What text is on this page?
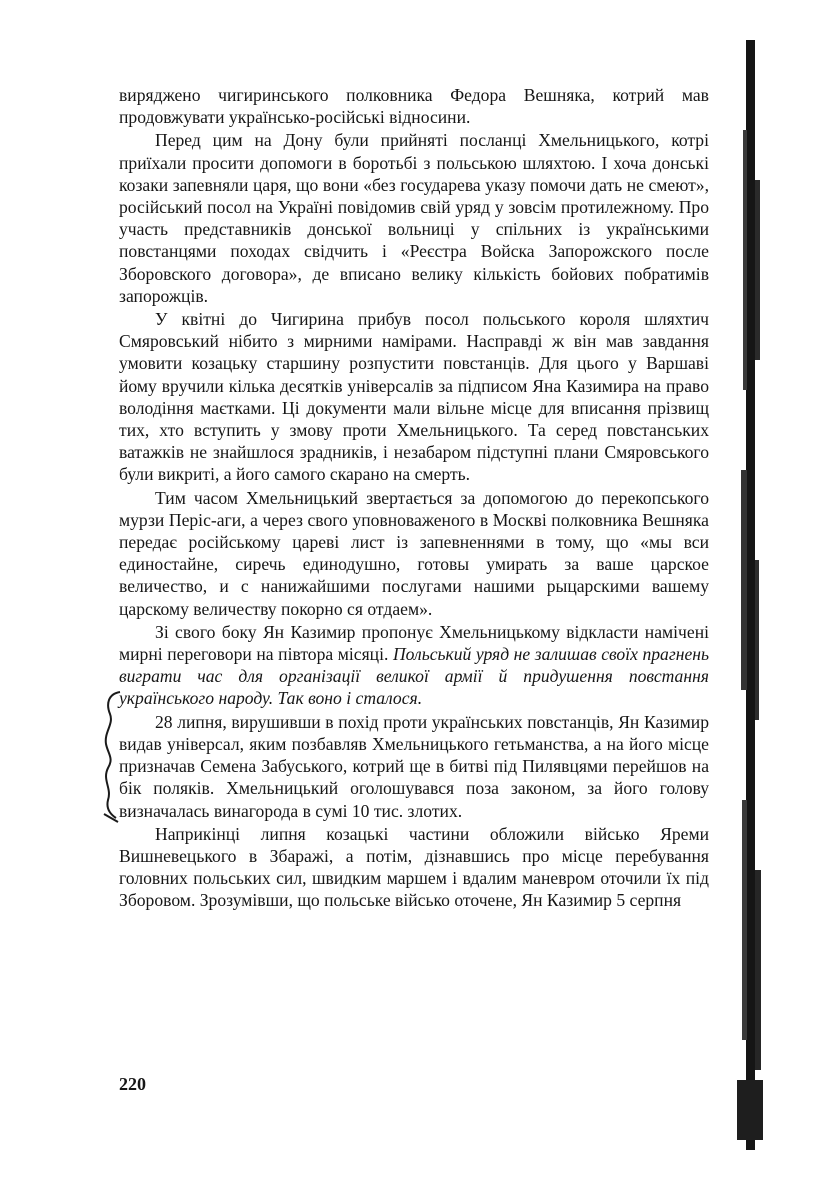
виряджено чигиринського полковника Федора Вешняка, котрий мав продовжувати українсько-російські відносини.

Перед цим на Дону були прийняті посланці Хмельницького, котрі приїхали просити допомоги в боротьбі з польською шляхтою. І хоча донські козаки запевняли царя, що вони «без государева указу помочи дать не смеют», російський посол на Україні повідомив свій уряд у зовсім протилежному. Про участь представників донської вольниці у спільних із українськими повстанцями походах свідчить і «Реєстра Войска Запорожского после Зборовского договора», де вписано велику кількість бойових побратимів запорожців.

У квітні до Чигирина прибув посол польського короля шляхтич Смяровський нібито з мирними намірами. Насправді ж він мав завдання умовити козацьку старшину розпустити повстанців. Для цього у Варшаві йому вручили кілька десятків універсалів за підписом Яна Казимира на право володіння маєтками. Ці документи мали вільне місце для вписання прізвищ тих, хто вступить у змову проти Хмельницького. Та серед повстанських ватажків не знайшлося зрадників, і незабаром підступні плани Смяровського були викриті, а його самого скарано на смерть.

Тим часом Хмельницький звертається за допомогою до перекопського мурзи Періс-аги, а через свого уповноваженого в Москві полковника Вешняка передає російському цареві лист із запевненнями в тому, що «мы вси единостайне, сиречь единодушно, готовы умирать за ваше царское величество, и с нанижайшими послугами нашими рыцарскими вашему царскому величеству покорно ся отдаем».

Зі свого боку Ян Казимир пропонує Хмельницькому відкласти намічені мирні переговори на півтора місяці. Польський уряд не залишав своїх прагнень виграти час для організації великої армії й придушення повстання українського народу. Так воно і сталося.

28 липня, вирушивши в похід проти українських повстанців, Ян Казимир видав універсал, яким позбавляв Хмельницького гетьманства, а на його місце призначав Семена Забуського, котрий ще в битві під Пилявцями перейшов на бік поляків. Хмельницький оголошувався поза законом, за його голову визначалась винагорода в сумі 10 тис. злотих.

Наприкінці липня козацькі частини обложили військо Яреми Вишневецького в Збаражі, а потім, дізнавшись про місце перебування головних польських сил, швидким маршем і вдалим маневром оточили їх під Зборовом. Зрозумівши, що польське військо оточене, Ян Казимир 5 серпня

220
